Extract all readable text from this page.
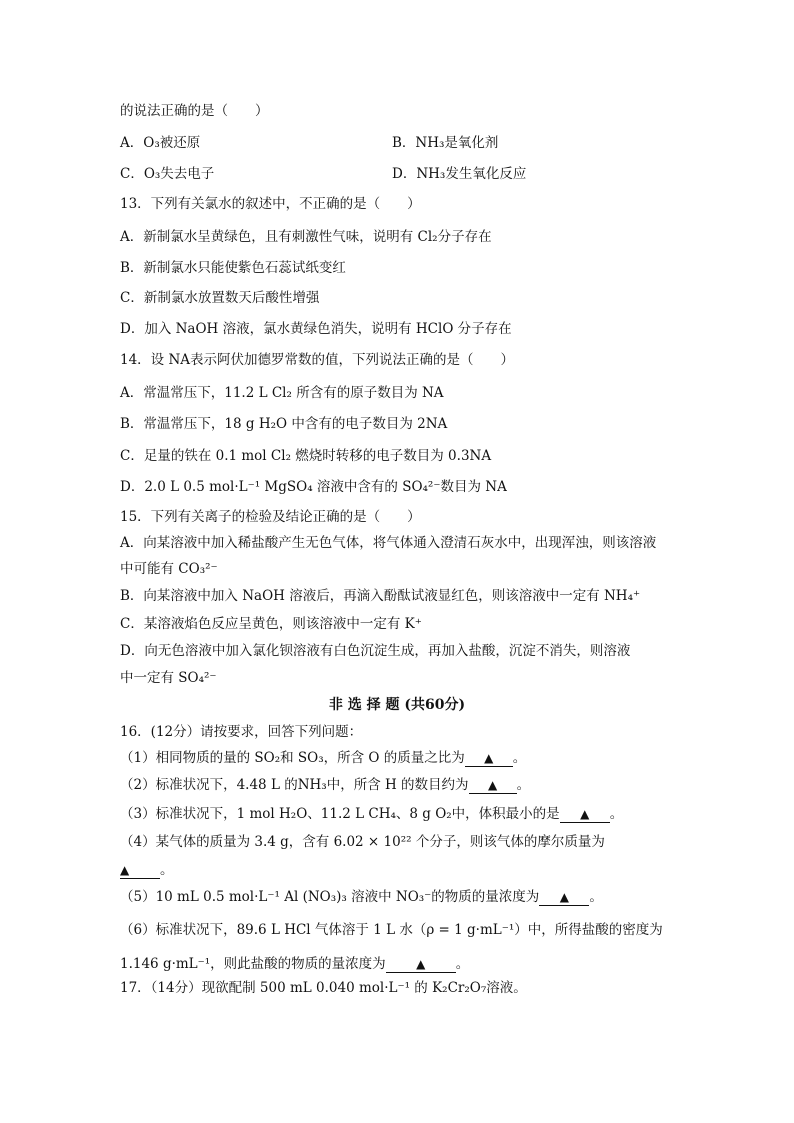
的说法正确的是（　　）
A．O₃被还原	B．NH₃是氧化剂
C．O₃失去电子	D．NH₃发生氧化反应
13．下列有关氯水的叙述中，不正确的是（　　）
A．新制氯水呈黄绿色，且有刺激性气味，说明有 Cl₂分子存在
B．新制氯水只能使紫色石蕊试纸变红
C．新制氯水放置数天后酸性增强
D．加入 NaOH 溶液，氯水黄绿色消失，说明有 HClO 分子存在
14．设 NA表示阿伏加德罗常数的值，下列说法正确的是（　　）
A．常温常压下，11.2 L Cl₂ 所含有的原子数目为 NA
B．常温常压下，18 g H₂O 中含有的电子数目为 2NA
C．足量的铁在 0.1 mol Cl₂ 燃烧时转移的电子数目为 0.3NA
D．2.0 L 0.5 mol·L⁻¹ MgSO₄ 溶液中含有的 SO₄²⁻数目为 NA
15．下列有关离子的检验及结论正确的是（　　）
A．向某溶液中加入稀盐酸产生无色气体，将气体通入澄清石灰水中，出现浑浊，则该溶液
中可能有 CO₃²⁻
B．向某溶液中加入 NaOH 溶液后，再滴入酚酞试液显红色，则该溶液中一定有 NH₄⁺
C．某溶液焰色反应呈黄色，则该溶液中一定有 K⁺
D．向无色溶液中加入氯化钡溶液有白色沉淀生成，再加入盐酸，沉淀不消失，则溶液
中一定有 SO₄²⁻
非 选 择 题 (共60分)
16．(12分）请按要求，回答下列问题：
（1）相同物质的量的 SO₂和 SO₃，所含 O 的质量之比为 ▲ 。
（2）标准状况下，4.48 L 的NH₃中，所含 H 的数目约为 ▲ 。
（3）标准状况下，1 mol H₂O、11.2 L CH₄、8 g O₂中，体积最小的是 ▲ 。
（4）某气体的质量为 3.4 g，含有 6.02 × 10²² 个分子，则该气体的摩尔质量为
▲ 。
（5）10 mL 0.5 mol·L⁻¹ Al (NO₃)₃ 溶液中 NO₃⁻的物质的量浓度为 ▲ 。
（6）标准状况下，89.6 L HCl 气体溶于 1 L 水（ρ = 1 g·mL⁻¹）中，所得盐酸的密度为
1.146 g·mL⁻¹，则此盐酸的物质的量浓度为	▲ 。
17．（14分）现欲配制 500 mL 0.040 mol·L⁻¹ 的 K₂Cr₂O₇溶液。
